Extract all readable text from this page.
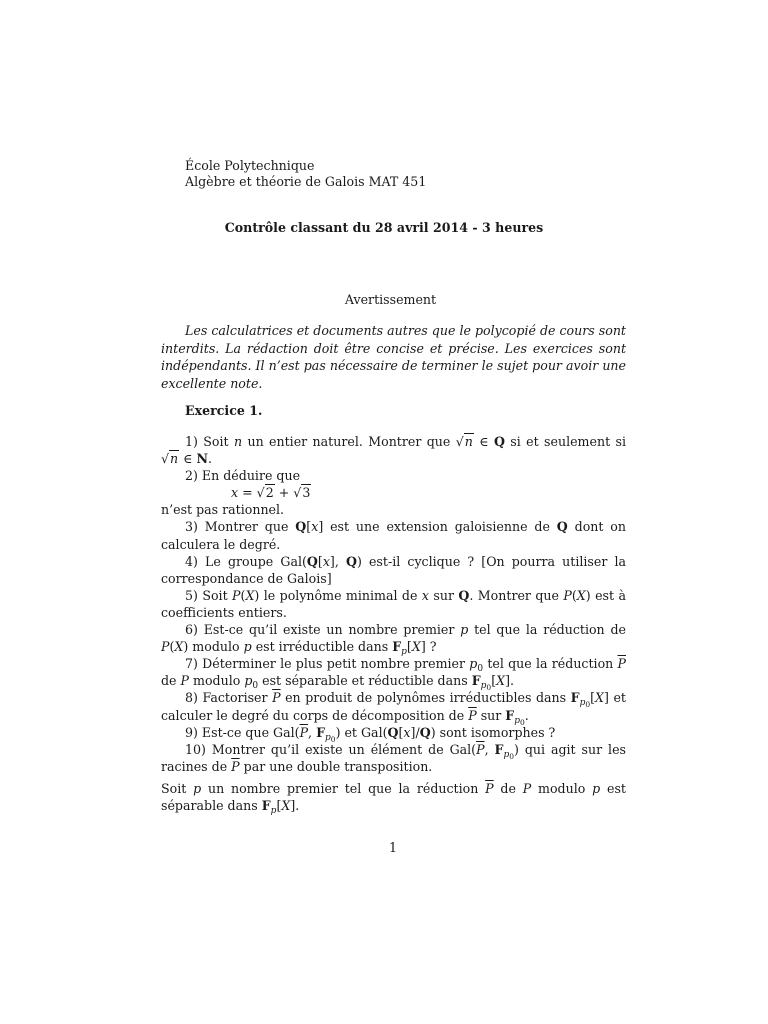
École Polytechnique
Algèbre et théorie de Galois MAT 451
Contrôle classant du 28 avril 2014 - 3 heures
Avertissement
Les calculatrices et documents autres que le polycopié de cours sont interdits. La rédaction doit être concise et précise. Les exercices sont indépendants. Il n’est pas nécessaire de terminer le sujet pour avoir une excellente note.
Exercice 1.

1) Soit n un entier naturel. Montrer que √n ∈ Q si et seulement si √n ∈ N.

2) En déduire que

x = √2 + √3

n’est pas rationnel.

3) Montrer que Q[x] est une extension galoisienne de Q dont on calculera le degré.

4) Le groupe Gal(Q[x], Q) est-il cyclique ? [On pourra utiliser la correspondance de Galois]

5) Soit P(X) le polynôme minimal de x sur Q. Montrer que P(X) est à coefficients entiers.

6) Est-ce qu’il existe un nombre premier p tel que la réduction de P(X) modulo p est irréductible dans $F_p[X]$ ?

7) Déterminer le plus petit nombre premier $p_0$ tel que la réduction $\overline{P}$ de P modulo $p_0$ est séparable et réductible dans $F_{p_0}[X]$.

8) Factoriser $\overline{P}$ en produit de polynômes irréductibles dans $F_{p_0}[X]$ et calculer le degré du corps de décomposition de $\overline{P}$ sur $F_{p_0}$.

9) Est-ce que $Gal(\overline{P}$, $F_{p_0}$) et Gal(Q[x]/Q) sont isomorphes ?

10) Montrer qu’il existe un élément de $Gal(\overline{P}$, $F_{p_0}$) qui agit sur les racines de $\overline{P}$ par une double transposition.

Soit p un nombre premier tel que la réduction $\overline{P}$ de P modulo p est séparable dans $F_p[X]$.
1
